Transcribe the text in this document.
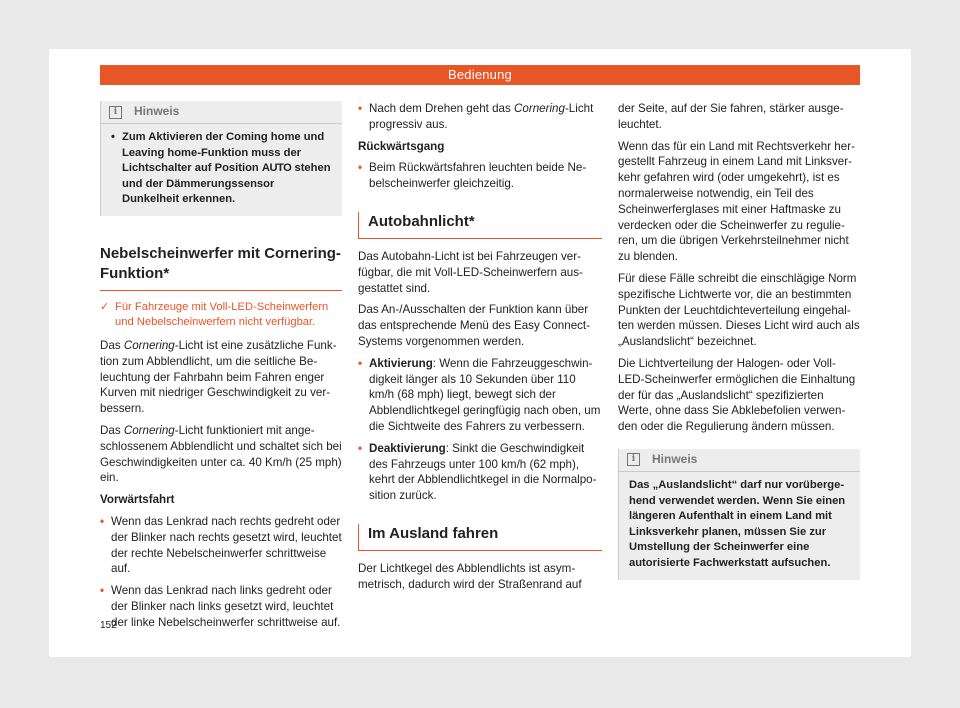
Bedienung
i	Hinweis
• Zum Aktivieren der Coming home und Leaving home-Funktion muss der Lichtschalter auf Position AUTO stehen und der Dämmerungssensor Dunkelheit erkennen.
Nebelscheinwerfer mit Cornering-Funktion*
✓ Für Fahrzeuge mit Voll-LED-Scheinwerfern und Nebelscheinwerfern nicht verfügbar.

Das Cornering-Licht ist eine zusätzliche Funktion zum Abblendlicht, um die seitliche Beleuchtung der Fahrbahn beim Fahren enger Kurven mit niedriger Geschwindigkeit zu verbessern.

Das Cornering-Licht funktioniert mit angeschlossenem Abblendlicht und schaltet sich bei Geschwindigkeiten unter ca. 40 Km/h (25 mph) ein.

Vorwärtsfahrt
• Wenn das Lenkrad nach rechts gedreht oder der Blinker nach rechts gesetzt wird, leuchtet der rechte Nebelscheinwerfer schrittweise auf.
• Wenn das Lenkrad nach links gedreht oder der Blinker nach links gesetzt wird, leuchtet der linke Nebelscheinwerfer schrittweise auf.
• Nach dem Drehen geht das Cornering-Licht progressiv aus.
Rückwärtsgang
• Beim Rückwärtsfahren leuchten beide Nebelscheinwerfer gleichzeitig.
Autobahnlicht*

Das Autobahn-Licht ist bei Fahrzeugen verfügbar, die mit Voll-LED-Scheinwerfern ausgestattet sind.

Das An-/Ausschalten der Funktion kann über das entsprechende Menü des Easy Connect-Systems vorgenommen werden.

• Aktivierung: Wenn die Fahrzeuggeschwindigkeit länger als 10 Sekunden über 110 km/h (68 mph) liegt, bewegt sich der Abblendlichtkegel geringfügig nach oben, um die Sichtweite des Fahrers zu verbessern.
• Deaktivierung: Sinkt die Geschwindigkeit des Fahrzeugs unter 100 km/h (62 mph), kehrt der Abblendlichtkegel in die Normalposition zurück.
Im Ausland fahren

Der Lichtkegel des Abblendlichts ist asymmetrisch, dadurch wird der Straßenrand auf

der Seite, auf der Sie fahren, stärker ausgeleuchtet.

Wenn das für ein Land mit Rechtsverkehr hergestellt Fahrzeug in einem Land mit Linksverkehr gefahren wird (oder umgekehrt), ist es normalerweise notwendig, ein Teil des Scheinwerferglases mit einer Haftmaske zu verdecken oder die Scheinwerfer zu regulieren, um die übrigen Verkehrsteilnehmer nicht zu blenden.

Für diese Fälle schreibt die einschlägige Norm spezifische Lichtwerte vor, die an bestimmten Punkten der Leuchtdichteverteilung eingehalten werden müssen. Dieses Licht wird auch als „Auslandslicht“ bezeichnet.

Die Lichtverteilung der Halogen- oder Voll-LED-Scheinwerfer ermöglichen die Einhaltung der für das „Auslandslicht“ spezifizierten Werte, ohne dass Sie Abklebefolien verwenden oder die Regulierung ändern müssen.

i	Hinweis
Das „Auslandslicht“ darf nur vorübergehend verwendet werden. Wenn Sie einen längeren Aufenthalt in einem Land mit Linksverkehr planen, müssen Sie zur Umstellung der Scheinwerfer eine autorisierte Fachwerkstatt aufsuchen.
152
